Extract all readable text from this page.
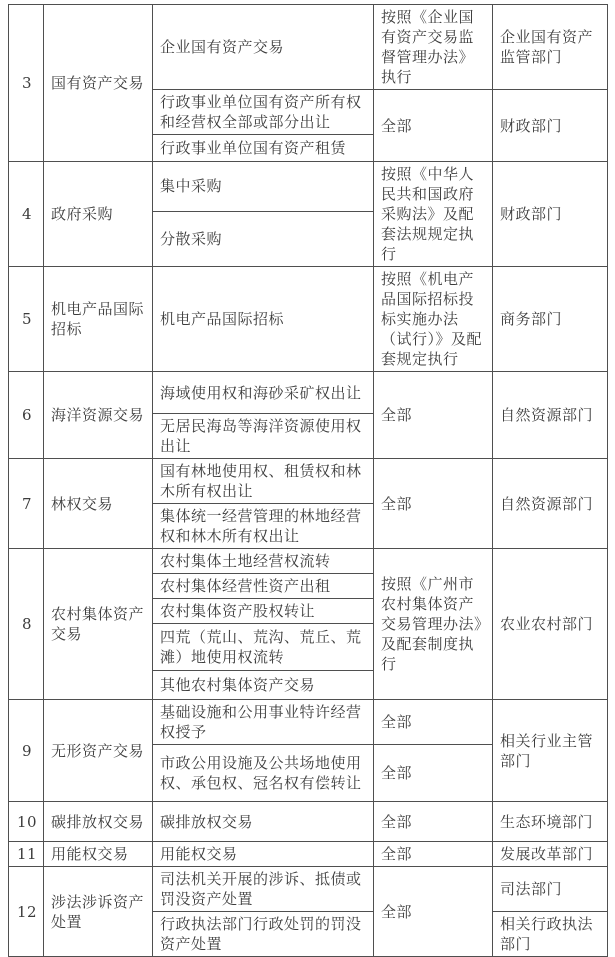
3	国有资产交易	企业国有资产交易	按照《企业国有资产交易监督管理办法》执行	企业国有资产监管部门
		行政事业单位国有资产所有权和经营权全部或部分出让	全部	财政部门
		行政事业单位国有资产租赁		
4	政府采购	集中采购	按照《中华人民共和国政府采购法》及配套法规规定执行	财政部门
		分散采购		
5	机电产品国际招标	机电产品国际招标	按照《机电产品国际招标投标实施办法（试行）》及配套规定执行	商务部门
6	海洋资源交易	海域使用权和海砂采矿权出让	全部	自然资源部门
		无居民海岛等海洋资源使用权出让		
7	林权交易	国有林地使用权、租赁权和林木所有权出让	全部	自然资源部门
		集体统一经营管理的林地经营权和林木所有权出让		
8	农村集体资产交易	农村集体土地经营权流转	按照《广州市农村集体资产交易管理办法》及配套制度执行	农业农村部门
		农村集体经营性资产出租		
		农村集体资产股权转让		
		四荒（荒山、荒沟、荒丘、荒滩）地使用权流转		
		其他农村集体资产交易		
9	无形资产交易	基础设施和公用事业特许经营权授予	全部	相关行业主管部门
		市政公用设施及公共场地使用权、承包权、冠名权有偿转让	全部	
10	碳排放权交易	碳排放权交易	全部	生态环境部门
11	用能权交易	用能权交易	全部	发展改革部门
12	涉法涉诉资产处置	司法机关开展的涉诉、抵债或罚没资产处置	全部	司法部门
		行政执法部门行政处罚的罚没资产处置		相关行政执法部门
